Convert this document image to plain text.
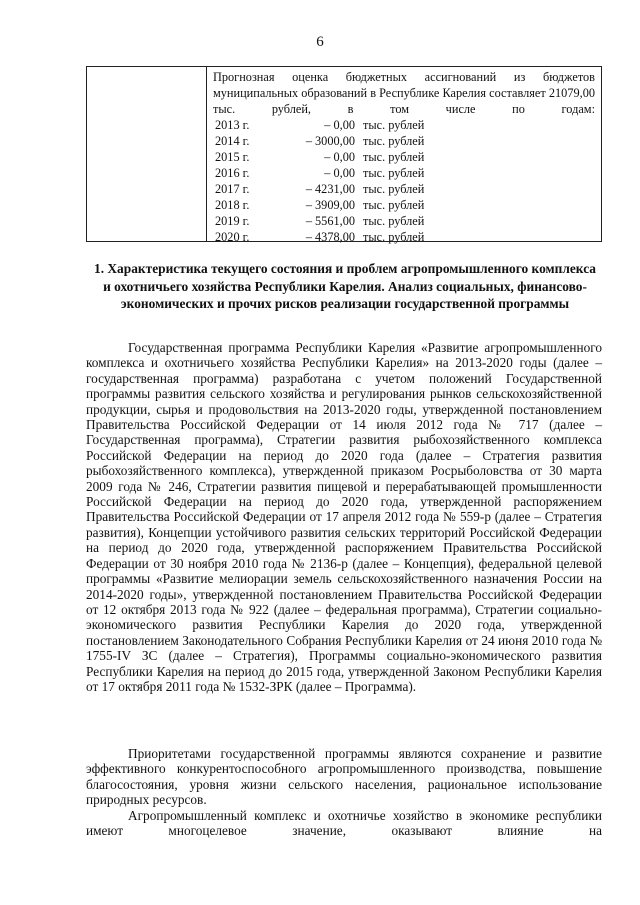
6
Прогнозная оценка бюджетных ассигнований из бюджетов муниципальных образований в Республике Карелия составляет 21079,00 тыс. рублей, в том числе по годам:
2013 г.	– 0,00 тыс. рублей
2014 г.	– 3000,00 тыс. рублей
2015 г.	– 0,00 тыс. рублей
2016 г.	– 0,00 тыс. рублей
2017 г.	– 4231,00 тыс. рублей
2018 г.	– 3909,00 тыс. рублей
2019 г.	– 5561,00 тыс. рублей
2020 г.	– 4378,00 тыс. рублей
1. Характеристика текущего состояния и проблем агропромышленного комплекса и охотничьего хозяйства Республики Карелия. Анализ социальных, финансово-экономических и прочих рисков реализации государственной программы

Государственная программа Республики Карелия «Развитие агропромышленного комплекса и охотничьего хозяйства Республики Карелия» на 2013-2020 годы (далее – государственная программа) разработана с учетом положений Государственной программы развития сельского хозяйства и регулирования рынков сельскохозяйственной продукции, сырья и продовольствия на 2013-2020 годы, утвержденной постановлением Правительства Российской Федерации от 14 июля 2012 года № 717 (далее – Государственная программа), Стратегии развития рыбохозяйственного комплекса Российской Федерации на период до 2020 года (далее – Стратегия развития рыбохозяйственного комплекса), утвержденной приказом Росрыболовства от 30 марта 2009 года № 246, Стратегии развития пищевой и перерабатывающей промышленности Российской Федерации на период до 2020 года, утвержденной распоряжением Правительства Российской Федерации от 17 апреля 2012 года № 559-р (далее – Стратегия развития), Концепции устойчивого развития сельских территорий Российской Федерации на период до 2020 года, утвержденной распоряжением Правительства Российской Федерации от 30 ноября 2010 года № 2136-р (далее – Концепция), федеральной целевой программы «Развитие мелиорации земель сельскохозяйственного назначения России на 2014-2020 годы», утвержденной постановлением Правительства Российской Федерации от 12 октября 2013 года № 922 (далее – федеральная программа), Стратегии социально-экономического развития Республики Карелия до 2020 года, утвержденной постановлением Законодательного Собрания Республики Карелия от 24 июня 2010 года № 1755-IV ЗС (далее – Стратегия), Программы социально-экономического развития Республики Карелия на период до 2015 года, утвержденной Законом Республики Карелия от 17 октября 2011 года № 1532-ЗРК (далее – Программа).

Приоритетами государственной программы являются сохранение и развитие эффективного конкурентоспособного агропромышленного производства, повышение благосостояния, уровня жизни сельского населения, рациональное использование природных ресурсов.

Агропромышленный комплекс и охотничье хозяйство в экономике республики имеют многоцелевое значение, оказывают влияние на
